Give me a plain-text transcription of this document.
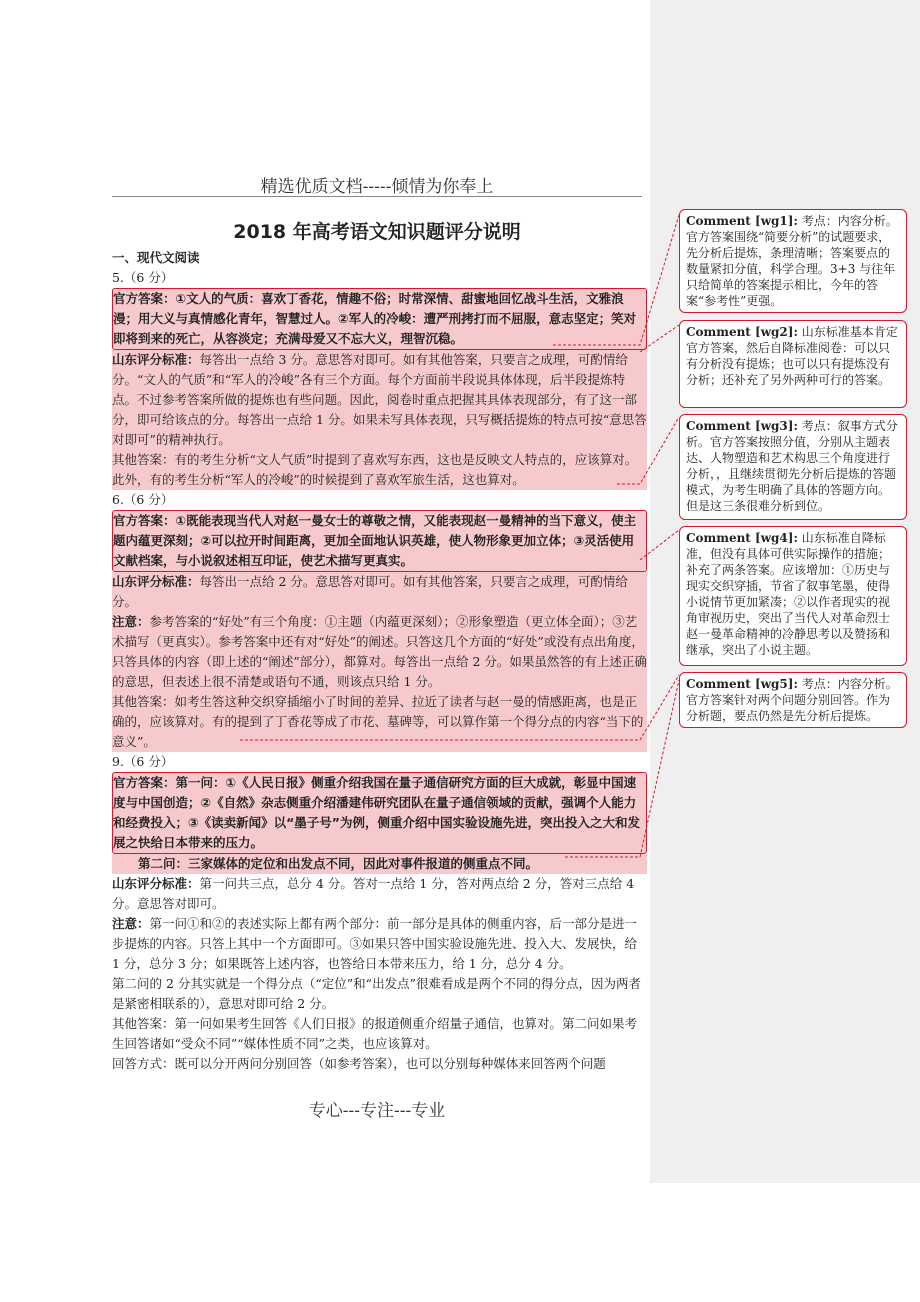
精选优质文档-----倾情为你奉上
2018 年高考语文知识题评分说明

一、现代文阅读

5.（6 分）

官方答案：①文人的气质：喜欢丁香花，情趣不俗；时常深情、甜蜜地回忆战斗生活，文雅浪漫；用大义与真情感化青年，智慧过人。②军人的冷峻：遭严刑拷打而不屈服，意志坚定；笑对即将到来的死亡，从容淡定；充满母爱又不忘大义，理智沉稳。

山东评分标准：每答出一点给 3 分。意思答对即可。如有其他答案，只要言之成理，可酌情给分。“文人的气质”和“军人的冷峻”各有三个方面。每个方面前半段说具体体现，后半段提炼特点。不过参考答案所做的提炼也有些问题。因此，阅卷时重点把握其具体表现部分，有了这一部分，即可给该点的分。每答出一点给 1 分。如果未写具体表现，只写概括提炼的特点可按“意思答对即可”的精神执行。

其他答案：有的考生分析“文人气质”时提到了喜欢写东西，这也是反映文人特点的，应该算对。此外，有的考生分析“军人的冷峻”的时候提到了喜欢军旅生活，这也算对。

6.（6 分）

官方答案：①既能表现当代人对赵一曼女士的尊敬之情，又能表现赵一曼精神的当下意义，使主题内蕴更深刻；②可以拉开时间距离，更加全面地认识英雄，使人物形象更加立体；③灵活使用文献档案，与小说叙述相互印证，使艺术描写更真实。

山东评分标准：每答出一点给 2 分。意思答对即可。如有其他答案，只要言之成理，可酌情给分。

注意：参考答案的“好处”有三个角度：①主题（内蕴更深刻）；②形象塑造（更立体全面）；③艺术描写（更真实）。参考答案中还有对“好处”的阐述。只答这几个方面的“好处”或没有点出角度，只答具体的内容（即上述的“阐述”部分），都算对。每答出一点给 2 分。如果虽然答的有上述正确的意思，但表述上很不清楚或语句不通，则该点只给 1 分。

其他答案：如考生答这种交织穿插缩小了时间的差异、拉近了读者与赵一曼的情感距离，也是正确的，应该算对。有的提到了丁香花等成了市花、墓碑等，可以算作第一个得分点的内容“当下的意义”。

9.（6 分）

官方答案：第一问：①《人民日报》侧重介绍我国在量子通信研究方面的巨大成就，彰显中国速度与中国创造；②《自然》杂志侧重介绍潘建伟研究团队在量子通信领域的贡献，强调个人能力和经费投入；③《读卖新闻》以“墨子号”为例，侧重介绍中国实验设施先进，突出投入之大和发展之快给日本带来的压力。

第二问：三家媒体的定位和出发点不同，因此对事件报道的侧重点不同。

山东评分标准：第一问共三点，总分 4 分。答对一点给 1 分，答对两点给 2 分，答对三点给 4 分。意思答对即可。

注意：第一问①和②的表述实际上都有两个部分：前一部分是具体的侧重内容，后一部分是进一步提炼的内容。只答上其中一个方面即可。③如果只答中国实验设施先进、投入大、发展快，给 1 分，总分 3 分；如果既答上述内容，也答给日本带来压力，给 1 分，总分 4 分。

第二问的 2 分其实就是一个得分点（“定位”和“出发点”很难看成是两个不同的得分点，因为两者是紧密相联系的），意思对即可给 2 分。

其他答案：第一问如果考生回答《人们日报》的报道侧重介绍量子通信，也算对。第二问如果考生回答诸如“受众不同”“媒体性质不同”之类，也应该算对。

回答方式：既可以分开两问分别回答（如参考答案），也可以分别每种媒体来回答两个问题

专心---专注---专业
Comment [wg1]: 考点：内容分析。官方答案围绕“简要分析”的试题要求，先分析后提炼，条理清晰；答案要点的数量紧扣分值，科学合理。3+3 与往年只给简单的答案提示相比，今年的答案“参考性”更强。
Comment [wg2]: 山东标准基本肯定官方答案，然后自降标准阅卷：可以只有分析没有提炼；也可以只有提炼没有分析；还补充了另外两种可行的答案。
Comment [wg3]: 考点：叙事方式分析。官方答案按照分值，分别从主题表达、人物塑造和艺术构思三个角度进行分析，，且继续贯彻先分析后提炼的答题模式，为考生明确了具体的答题方向。但是这三条很难分析到位。
Comment [wg4]: 山东标准自降标准，但没有具体可供实际操作的措施；补充了两条答案。应该增加：①历史与现实交织穿插，节省了叙事笔墨，使得小说情节更加紧凑；②以作者现实的视角审视历史，突出了当代人对革命烈士赵一曼革命精神的冷静思考以及赞扬和继承，突出了小说主题。
Comment [wg5]: 考点：内容分析。官方答案针对两个问题分别回答。作为分析题，要点仍然是先分析后提炼。
